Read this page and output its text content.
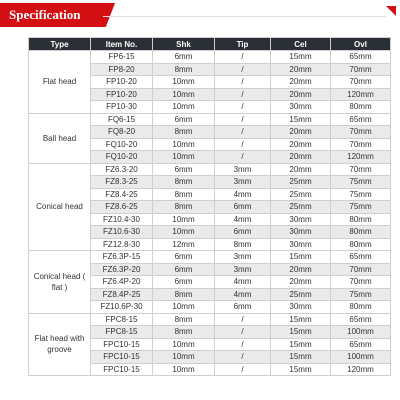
Specification
Type	Item No.	Shk	Tip	Cel	Ovl
Flat head	FP6-15	6mm	/	15mm	65mm
	FP8-20	8mm	/	20mm	70mm
	FP10-20	10mm	/	20mm	70mm
	FP10-20	10mm	/	20mm	120mm
	FP10-30	10mm	/	30mm	80mm
Ball head	FQ6-15	6mm	/	15mm	65mm
	FQ8-20	8mm	/	20mm	70mm
	FQ10-20	10mm	/	20mm	70mm
	FQ10-20	10mm	/	20mm	120mm
Conical head	FZ6.3-20	6mm	3mm	20mm	70mm
	FZ8.3-25	8mm	3mm	25mm	75mm
	FZ8.4-25	8mm	4mm	25mm	75mm
	FZ8.6-25	8mm	6mm	25mm	75mm
	FZ10.4-30	10mm	4mm	30mm	80mm
	FZ10.6-30	10mm	6mm	30mm	80mm
	FZ12.8-30	12mm	8mm	30mm	80mm
Conical head ( flat )	FZ6.3P-15	6mm	3mm	15mm	65mm
	FZ6.3P-20	6mm	3mm	20mm	70mm
	FZ6.4P-20	6mm	4mm	20mm	70mm
	FZ8.4P-25	8mm	4mm	25mm	75mm
	FZ10.6P-30	10mm	6mm	30mm	80mm
Flat head with groove	FPC8-15	8mm	/	15mm	65mm
	FPC8-15	8mm	/	15mm	100mm
	FPC10-15	10mm	/	15mm	65mm
	FPC10-15	10mm	/	15mm	100mm
	FPC10-15	10mm	/	15mm	120mm
